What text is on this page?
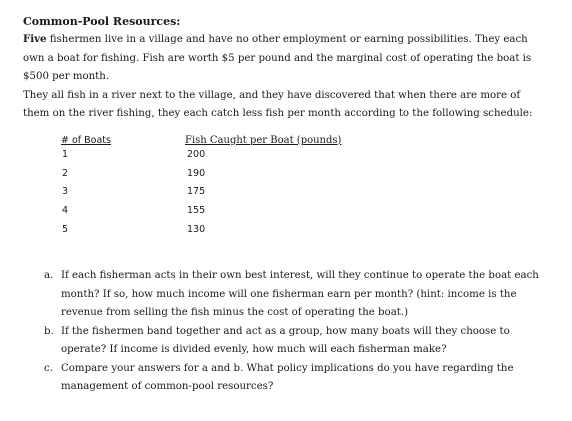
Common-Pool Resources:

Five fishermen live in a village and have no other employment or earning possibilities. They each own a boat for fishing. Fish are worth $5 per pound and the marginal cost of operating the boat is $500 per month.

They all fish in a river next to the village, and they have discovered that when there are more of them on the river fishing, they each catch less fish per month according to the following schedule:

# of Boats	Fish Caught per Boat (pounds)
1	200
2	190
3	175
4	155
5	130
a. If each fisherman acts in their own best interest, will they continue to operate the boat each month? If so, how much income will one fisherman earn per month? (hint: income is the revenue from selling the fish minus the cost of operating the boat.)
b. If the fishermen band together and act as a group, how many boats will they choose to operate? If income is divided evenly, how much will each fisherman make?
c. Compare your answers for a and b. What policy implications do you have regarding the management of common-pool resources?
